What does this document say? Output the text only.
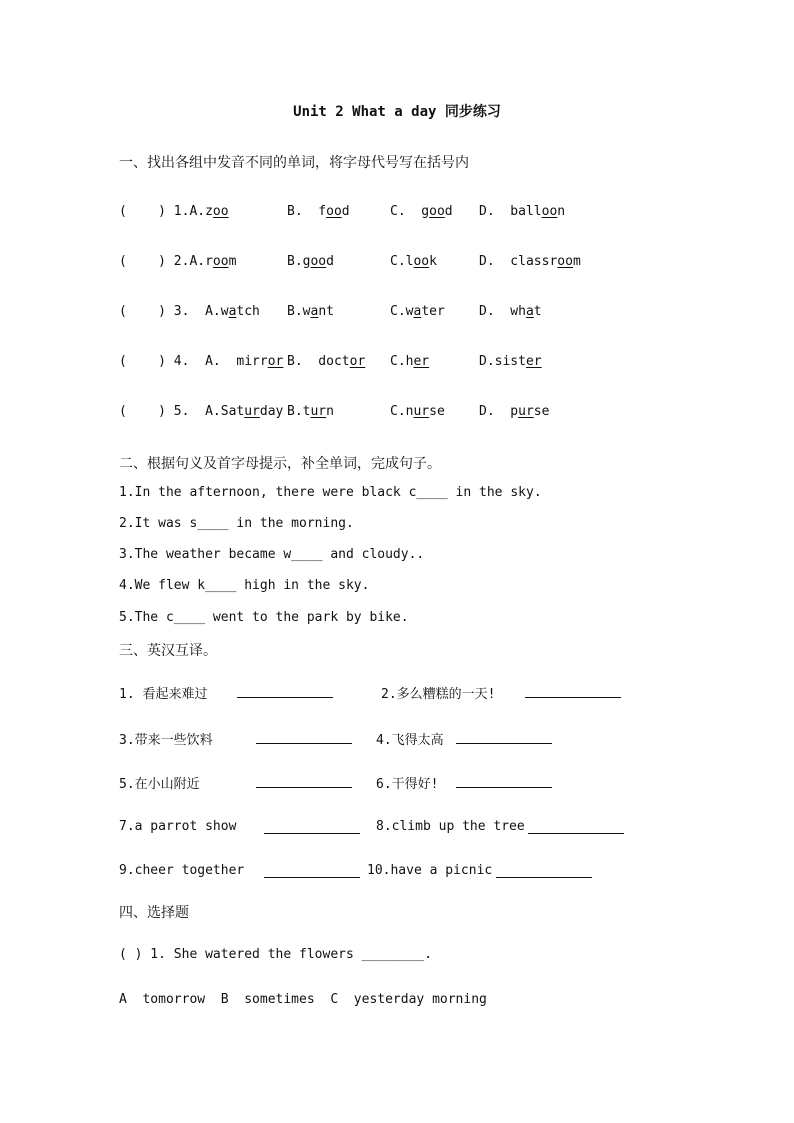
Unit 2 What a day 同步练习
一、找出各组中发音不同的单词，将字母代号写在括号内
(    ) 1.A.zoo	B.  food	C.  good D.  balloon
(    ) 2.A.room	B.good	C.look	D.  classroom
(    ) 3.  A.watch B.want	C.water	D.  what
(    ) 4.  A.  mirror B.  doctor C.her	D.sister
(    ) 5.  A.Saturday B.turn	C.nurse	D.  purse
二、根据句义及首字母提示，补全单词，完成句子。
1.In the afternoon, there were black c____ in the sky.
2.It was s____ in the morning.
3.The weather became w____ and cloudy..
4.We flew k____ high in the sky.
5.The c____ went to the park by bike.
三、英汉互译。
1. 看起来难过	2.多么糟糕的一天!
3.带来一些饮料	4.飞得太高
5.在小山附近	6.干得好!
7.a parrot show	8.climb up the tree
9.cheer together	10.have a picnic
四、选择题
( ) 1. She watered the flowers ________.
A  tomorrow  B  sometimes  C  yesterday morning
